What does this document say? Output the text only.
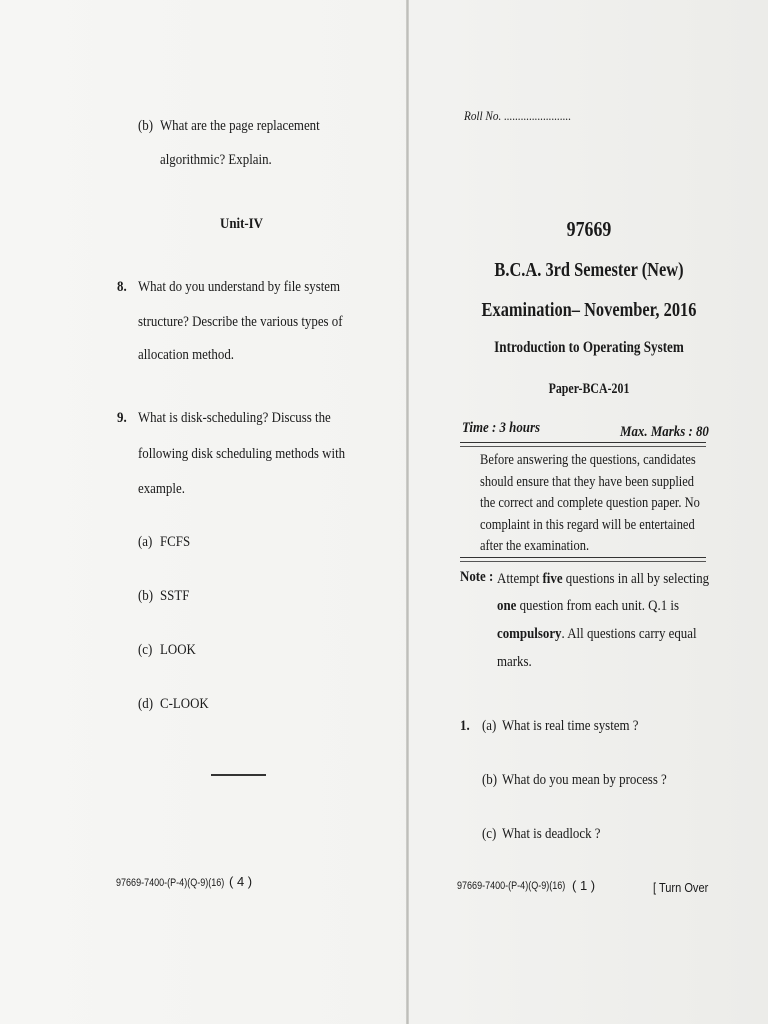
(b) What are the page replacement
algorithmic? Explain.
Unit-IV
8. What do you understand by file system
structure? Describe the various types of
allocation method.
9. What is disk-scheduling? Discuss the
following disk scheduling methods with
example.
(a) FCFS
(b) SSTF
(c) LOOK
(d) C-LOOK
97669-7400-(P-4)(Q-9)(16) ( 4 )
Roll No. ........................
97669
B.C.A. 3rd Semester (New)
Examination– November, 2016
Introduction to Operating System
Paper-BCA-201
Time : 3 hours	Max. Marks : 80
Before answering the questions, candidates
should ensure that they have been supplied
the correct and complete question paper. No
complaint in this regard will be entertained
after the examination.
Note : Attempt five questions in all by selecting
one question from each unit. Q.1 is
compulsory. All questions carry equal
marks.
1. (a) What is real time system ?
(b) What do you mean by process ?
(c) What is deadlock ?
97669-7400-(P-4)(Q-9)(16) ( 1 )	[ Turn Over
